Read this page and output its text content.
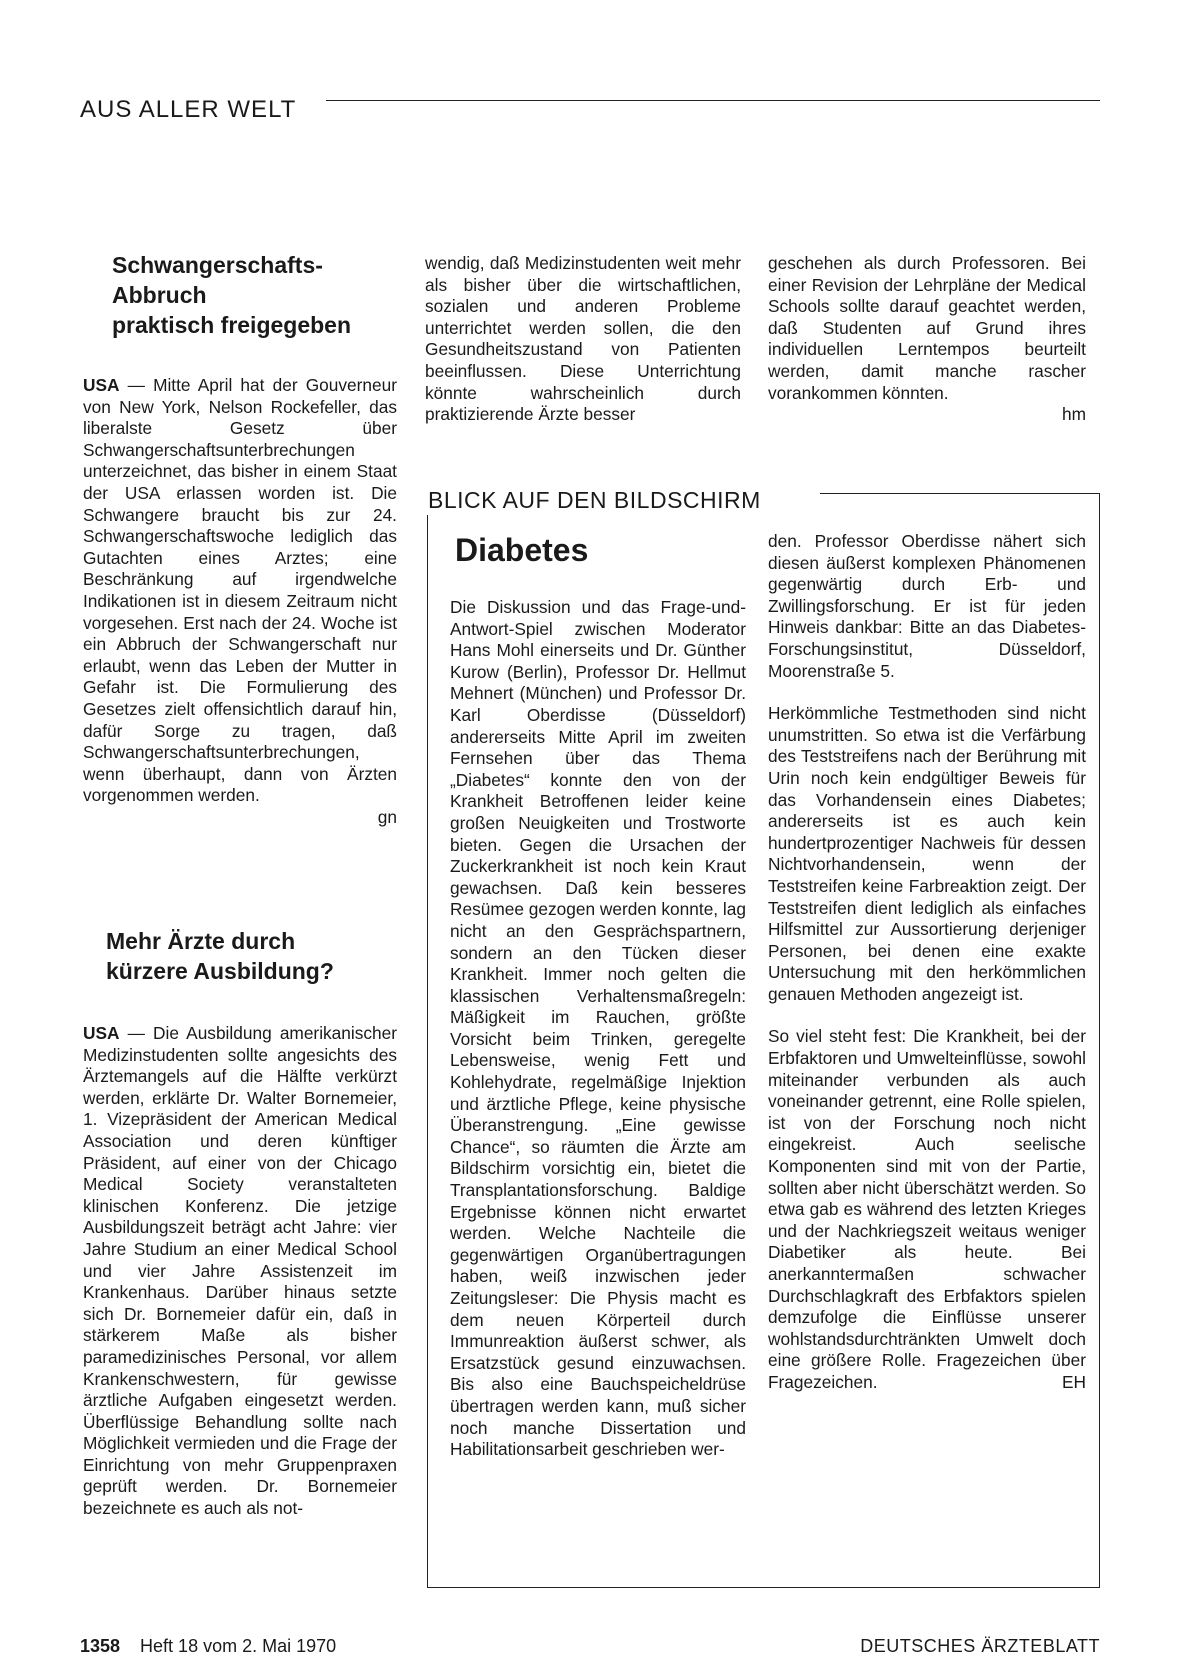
AUS ALLER WELT
Schwangerschafts-
Abbruch
praktisch freigegeben

USA — Mitte April hat der Gouverneur von New York, Nelson Rockefeller, das liberalste Gesetz über Schwangerschaftsunterbrechungen unterzeichnet, das bisher in einem Staat der USA erlassen worden ist. Die Schwangere braucht bis zur 24. Schwangerschaftswoche lediglich das Gutachten eines Arztes; eine Beschränkung auf irgendwelche Indikationen ist in diesem Zeitraum nicht vorgesehen. Erst nach der 24. Woche ist ein Abbruch der Schwangerschaft nur erlaubt, wenn das Leben der Mutter in Gefahr ist. Die Formulierung des Gesetzes zielt offensichtlich darauf hin, dafür Sorge zu tragen, daß Schwangerschaftsunterbrechungen, wenn überhaupt, dann von Ärzten vorgenommen werden.
gn

Mehr Ärzte durch
kürzere Ausbildung?

USA — Die Ausbildung amerikanischer Medizinstudenten sollte angesichts des Ärztemangels auf die Hälfte verkürzt werden, erklärte Dr. Walter Bornemeier, 1. Vizepräsident der American Medical Association und deren künftiger Präsident, auf einer von der Chicago Medical Society veranstalteten klinischen Konferenz. Die jetzige Ausbildungszeit beträgt acht Jahre: vier Jahre Studium an einer Medical School und vier Jahre Assistenzeit im Krankenhaus. Darüber hinaus setzte sich Dr. Bornemeier dafür ein, daß in stärkerem Maße als bisher paramedizinisches Personal, vor allem Krankenschwestern, für gewisse ärztliche Aufgaben eingesetzt werden. Überflüssige Behandlung sollte nach Möglichkeit vermieden und die Frage der Einrichtung von mehr Gruppenpraxen geprüft werden. Dr. Bornemeier bezeichnete es auch als not-

wendig, daß Medizinstudenten weit mehr als bisher über die wirtschaftlichen, sozialen und anderen Probleme unterrichtet werden sollen, die den Gesundheitszustand von Patienten beeinflussen. Diese Unterrichtung könnte wahrscheinlich durch praktizierende Ärzte besser

geschehen als durch Professoren. Bei einer Revision der Lehrpläne der Medical Schools sollte darauf geachtet werden, daß Studenten auf Grund ihres individuellen Lerntempos beurteilt werden, damit manche rascher vorankommen könnten.
hm

BLICK AUF DEN BILDSCHIRM
Diabetes

Die Diskussion und das Frage-und-Antwort-Spiel zwischen Moderator Hans Mohl einerseits und Dr. Günther Kurow (Berlin), Professor Dr. Hellmut Mehnert (München) und Professor Dr. Karl Oberdisse (Düsseldorf) andererseits Mitte April im zweiten Fernsehen über das Thema „Diabetes“ konnte den von der Krankheit Betroffenen leider keine großen Neuigkeiten und Trostworte bieten. Gegen die Ursachen der Zuckerkrankheit ist noch kein Kraut gewachsen. Daß kein besseres Resümee gezogen werden konnte, lag nicht an den Gesprächspartnern, sondern an den Tücken dieser Krankheit. Immer noch gelten die klassischen Verhaltensmaßregeln: Mäßigkeit im Rauchen, größte Vorsicht beim Trinken, geregelte Lebensweise, wenig Fett und Kohlehydrate, regelmäßige Injektion und ärztliche Pflege, keine physische Überanstrengung. „Eine gewisse Chance“, so räumten die Ärzte am Bildschirm vorsichtig ein, bietet die Transplantationsforschung. Baldige Ergebnisse können nicht erwartet werden. Welche Nachteile die gegenwärtigen Organübertragungen haben, weiß inzwischen jeder Zeitungsleser: Die Physis macht es dem neuen Körperteil durch Immunreaktion äußerst schwer, als Ersatzstück gesund einzuwachsen. Bis also eine Bauchspeicheldrüse übertragen werden kann, muß sicher noch manche Dissertation und Habilitationsarbeit geschrieben wer-

den. Professor Oberdisse nähert sich diesen äußerst komplexen Phänomenen gegenwärtig durch Erb- und Zwillingsforschung. Er ist für jeden Hinweis dankbar: Bitte an das Diabetes-Forschungsinstitut, Düsseldorf, Moorenstraße 5.

Herkömmliche Testmethoden sind nicht unumstritten. So etwa ist die Verfärbung des Teststreifens nach der Berührung mit Urin noch kein endgültiger Beweis für das Vorhandensein eines Diabetes; andererseits ist es auch kein hundertprozentiger Nachweis für dessen Nichtvorhandensein, wenn der Teststreifen keine Farbreaktion zeigt. Der Teststreifen dient lediglich als einfaches Hilfsmittel zur Aussortierung derjeniger Personen, bei denen eine exakte Untersuchung mit den herkömmlichen genauen Methoden angezeigt ist.

So viel steht fest: Die Krankheit, bei der Erbfaktoren und Umwelteinflüsse, sowohl miteinander verbunden als auch voneinander getrennt, eine Rolle spielen, ist von der Forschung noch nicht eingekreist. Auch seelische Komponenten sind mit von der Partie, sollten aber nicht überschätzt werden. So etwa gab es während des letzten Krieges und der Nachkriegszeit weitaus weniger Diabetiker als heute. Bei anerkanntermaßen schwacher Durchschlagkraft des Erbfaktors spielen demzufolge die Einflüsse unserer wohlstandsdurchtränkten Umwelt doch eine größere Rolle. Fragezeichen über Fragezeichen.	EH

1358 Heft 18 vom 2. Mai 1970	DEUTSCHES ÄRZTEBLATT
